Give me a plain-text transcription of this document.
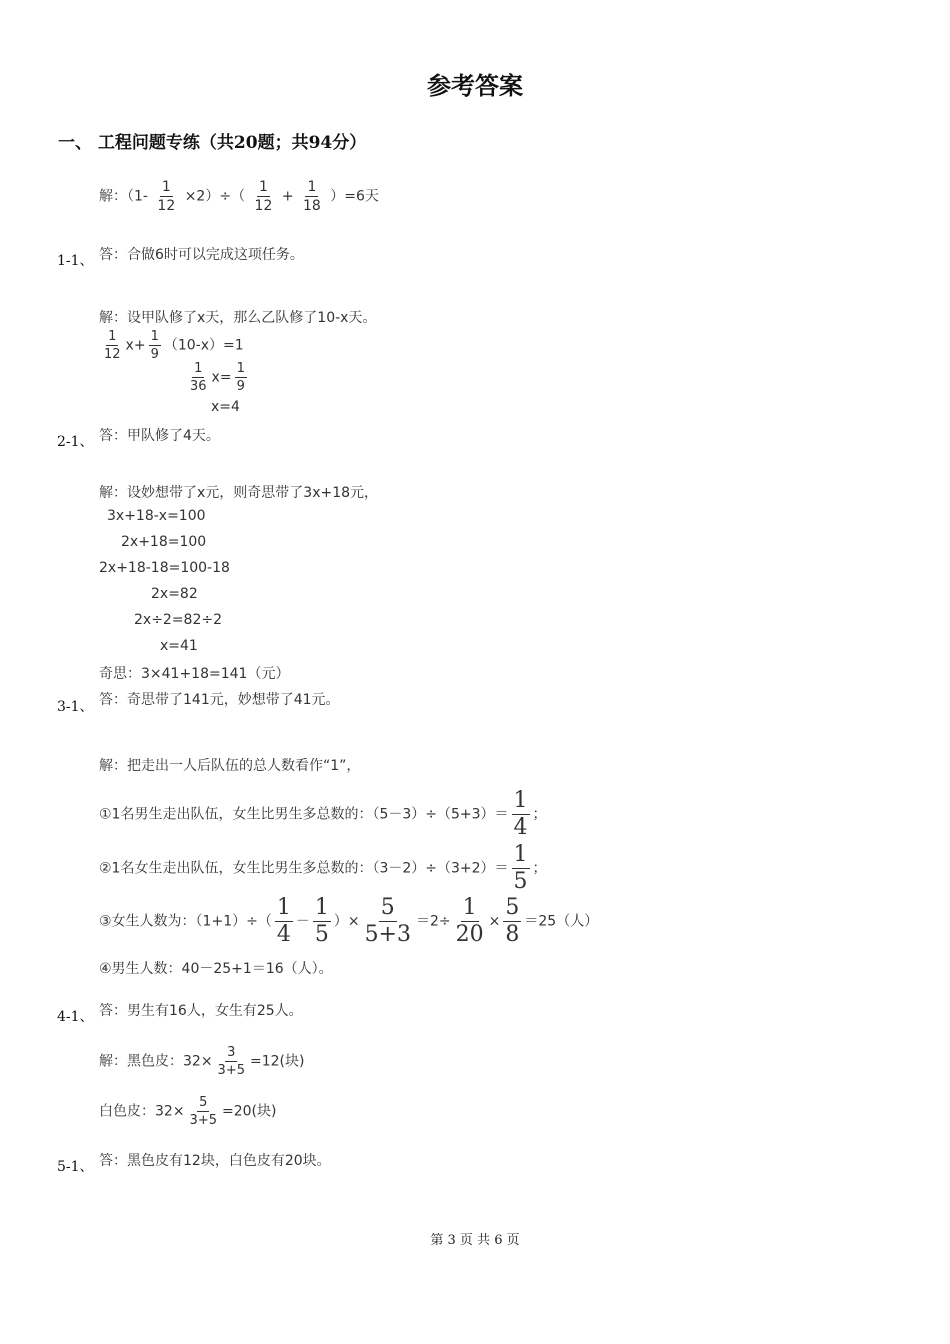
参考答案
一、 工程问题专练（共20题；共94分）
解：$(1- \frac{1}{12} \times 2)\div( \frac{1}{12} + \frac{1}{18} )=6$天
1-1、 答：合做6时可以完成这项任务。
解：设甲队修了x天，那么乙队修了10-x天。
$\frac{1}{12} x+ \frac{1}{9} (10-x)=1$
$\frac{1}{36} x= \frac{1}{9}$
x=4
2-1、 答：甲队修了4天。
解：设妙想带了x元，则奇思带了3x+18元，
3x+18-x=100
2x+18=100
2x+18-18=100-18
2x=82
2x÷2=82÷2
x=41
奇思：3×41+18=141（元）
3-1、 答：奇思带了141元，妙想带了41元。
解：把走出一人后队伍的总人数看作“1”，
①1名男生走出队伍，女生比男生多总数的：$(5-3)\div(5+3)= \frac{1}{4}$ ；
②1名女生走出队伍，女生比男生多总数的：$(3-2)\div(3+2)= \frac{1}{5}$ ；
③女生人数为：$(1+1)\div( \frac{1}{4} - \frac{1}{5}$ ）× $\frac{5}{5+3} =2\div \frac{1}{20} \times \frac{5}{8} =25$（人）
④男生人数：40－25+1＝16（人）。
4-1、 答：男生有16人，女生有25人。
解：黑色皮：$32\times \frac{3}{3+5} =12$(块)
白色皮：$32\times \frac{5}{3+5} =20$(块)
5-1、 答：黑色皮有12块，白色皮有20块。
第 3 页 共 6 页
